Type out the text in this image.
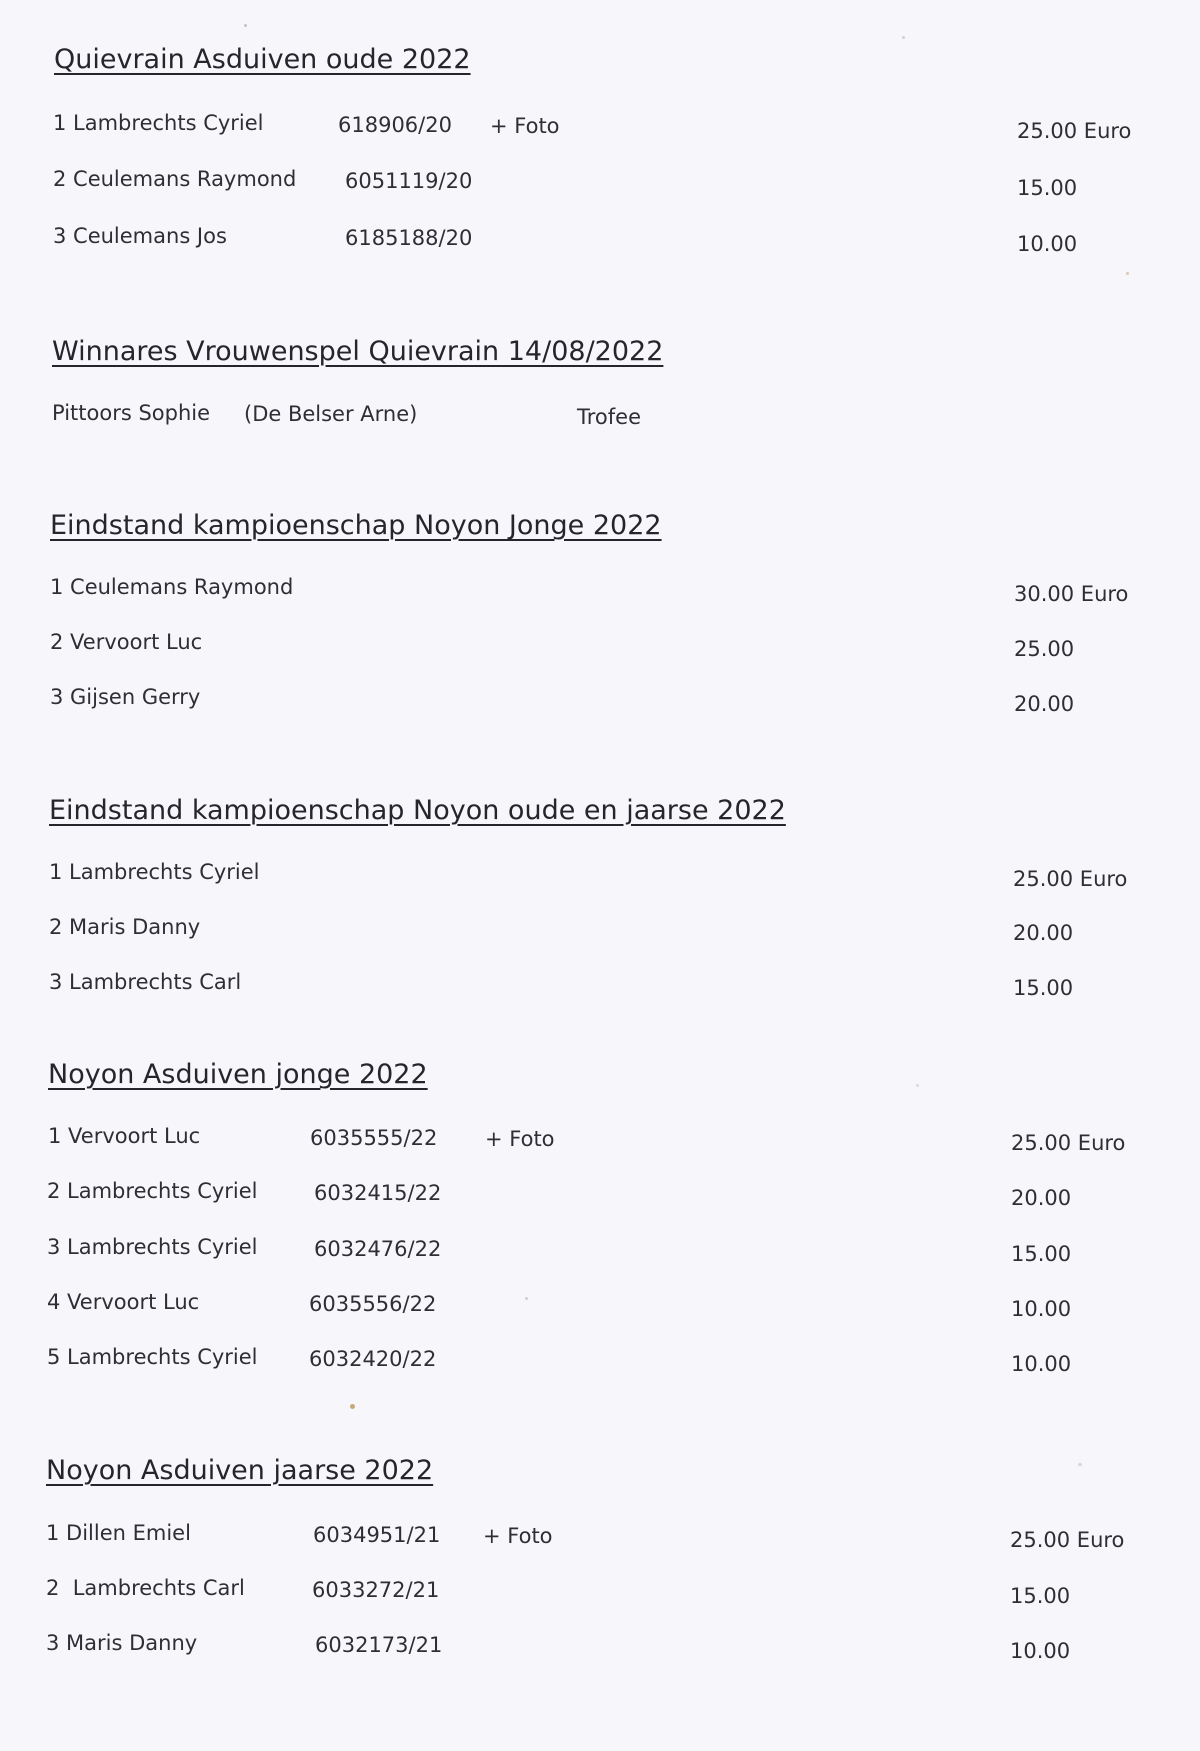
Quievrain Asduiven oude 2022
1 Lambrechts Cyriel	618906/20 + Foto	25.00 Euro
2 Ceulemans Raymond 6051119/20	15.00
3 Ceulemans Jos	6185188/20	10.00
Winnares Vrouwenspel Quievrain 14/08/2022
Pittoors Sophie (De Belser Arne)	Trofee
Eindstand kampioenschap Noyon Jonge 2022
1 Ceulemans Raymond	30.00 Euro
2 Vervoort Luc	25.00
3 Gijsen Gerry	20.00
Eindstand kampioenschap Noyon oude en jaarse 2022
1 Lambrechts Cyriel	25.00 Euro
2 Maris Danny	20.00
3 Lambrechts Carl	15.00
Noyon Asduiven jonge 2022
1 Vervoort Luc	6035555/22 + Foto	25.00 Euro
2 Lambrechts Cyriel	6032415/22	20.00
3 Lambrechts Cyriel	6032476/22	15.00
4 Vervoort Luc	6035556/22	10.00
5 Lambrechts Cyriel 6032420/22	10.00
Noyon Asduiven jaarse 2022
1 Dillen Emiel	6034951/21 + Foto	25.00 Euro
2  Lambrechts Carl	6033272/21	15.00
3 Maris Danny	6032173/21	10.00
